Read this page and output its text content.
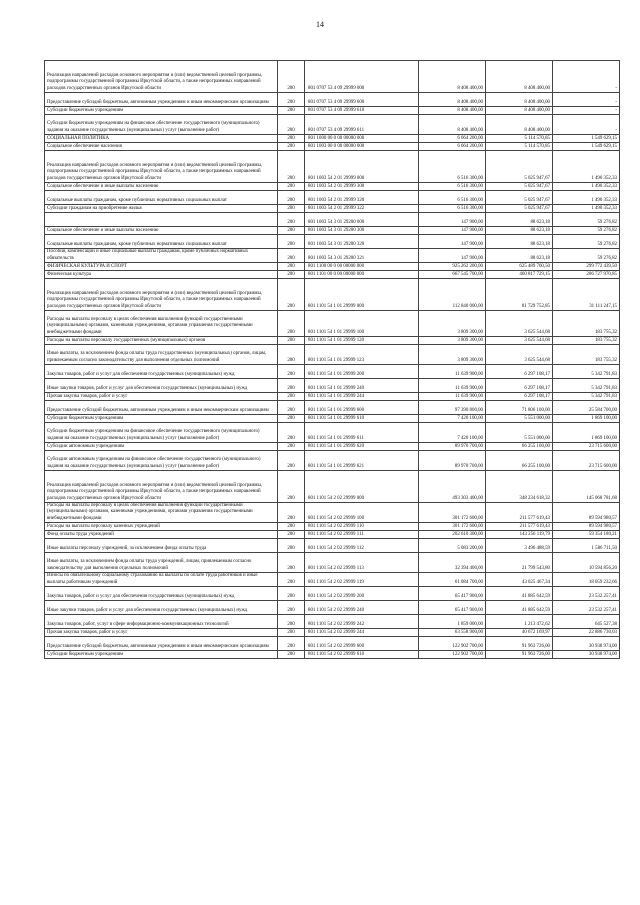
14
Реализация направлений расходов основного мероприятия и (или) ведомственной целевой программы, подпрограммы государственной программы Иркутской области, а также непрограммных направлений расходов государственных органов Иркутской области	200	801 0707 53 4 09 29999 000	8 408 400,00	8 408 400,00	-
Предоставление субсидий бюджетным, автономным учреждениям и иным некоммерческим организациям	200	801 0707 53 4 09 29999 600	8 408 400,00	8 408 400,00	-
Субсидии бюджетным учреждениям	200	801 0707 53 4 09 29999 610	8 408 400,00	8 408 400,00	-
Субсидии бюджетным учреждениям на финансовое обеспечение государственного (муниципального) задания на оказание государственных (муниципальных) услуг (выполнение работ)	200	801 0707 53 4 09 29999 611	8 408 400,00	8 408 400,00	-
СОЦИАЛЬНАЯ ПОЛИТИКА	200	801 1000 00 0 00 00000 000	6 664 200,00	5 114 570,85	1 549 629,15
Социальное обеспечение населения	200	801 1003 00 0 00 00000 000	6 664 200,00	5 114 570,85	1 549 629,15
Реализация направлений расходов основного мероприятия и (или) ведомственной целевой программы, подпрограммы государственной программы Иркутской области, а также непрограммных направлений расходов государственных органов Иркутской области	200	801 1003 54 2 01 29999 000	6 516 300,00	5 025 947,67	1 490 352,33
Социальное обеспечение и иные выплаты населению	200	801 1003 54 2 01 29999 300	6 516 300,00	5 025 947,67	1 490 352,33
Социальные выплаты гражданам, кроме публичных нормативных социальных выплат	200	801 1003 54 2 01 29999 320	6 516 300,00	5 025 947,67	1 490 352,33
Субсидии гражданам на приобретение жилья	200	801 1003 54 2 01 29999 322	6 516 300,00	5 025 947,67	1 490 352,33
	200	801 1003 54 3 01 29200 000	147 900,00	88 623,18	59 276,82
Социальное обеспечение и иные выплаты населению	200	801 1003 54 3 01 29200 300	147 900,00	88 623,18	59 276,82
Социальные выплаты гражданам, кроме публичных нормативных социальных выплат	200	801 1003 54 3 01 29200 320	147 900,00	88 623,18	59 276,82
Пособия, компенсации и иные социальные выплаты гражданам, кроме публичных нормативных обязательств	200	801 1003 54 3 01 29200 321	147 900,00	88 623,18	59 276,82
ФИЗИЧЕСКАЯ КУЛЬТУРА И СПОРТ	200	801 1100 00 0 00 00000 000	925 262 200,00	625 489 760,50	299 772 439,50
Физическая культура	200	801 1101 00 0 00 00000 000	667 545 700,00	460 817 729,15	206 727 970,85
Реализация направлений расходов основного мероприятия и (или) ведомственной целевой программы, подпрограммы государственной программы Иркутской области, а также непрограммных направлений расходов государственных органов Иркутской области	200	801 1101 54 1 01 29999 000	112 840 000,00	81 729 752,85	31 111 247,15
Расходы на выплаты персоналу в целях обеспечения выполнения функций государственными (муниципальными) органами, казенными учреждениями, органами управления государственными внебюджетными фондами	200	801 1101 54 1 01 29999 100	3 809 300,00	3 625 544,68	183 755,32
Расходы на выплаты персоналу государственных (муниципальных) органов	200	801 1101 54 1 01 29999 120	3 809 300,00	3 625 544,68	183 755,32
Иные выплаты, за исключением фонда оплаты труда государственных (муниципальных) органов, лицам, привлекаемым согласно законодательству для выполнения отдельных полномочий	200	801 1101 54 1 01 29999 123	3 809 300,00	3 625 544,68	183 755,32
Закупка товаров, работ и услуг для обеспечения государственных (муниципальных) нужд	200	801 1101 54 1 01 29999 200	11 639 900,00	6 297 108,17	5 342 791,83
Иные закупки товаров, работ и услуг для обеспечения государственных (муниципальных) нужд	200	801 1101 54 1 01 29999 240	11 639 900,00	6 297 108,17	5 342 791,83
Прочая закупка товаров, работ и услуг	200	801 1101 54 1 01 29999 244	11 639 900,00	6 297 108,17	5 342 791,83
Предоставление субсидий бюджетным, автономным учреждениям и иным некоммерческим организациям	200	801 1101 54 1 01 29999 600	97 390 800,00	71 806 100,00	25 584 700,00
Субсидии бюджетным учреждениям	200	801 1101 54 1 01 29999 610	7 420 100,00	5 551 000,00	1 869 100,00
Субсидии бюджетным учреждениям на финансовое обеспечение государственного (муниципального) задания на оказание государственных (муниципальных) услуг (выполнение работ)	200	801 1101 54 1 01 29999 611	7 420 100,00	5 551 000,00	1 869 100,00
Субсидии автономным учреждениям	200	801 1101 54 1 01 29999 620	89 970 700,00	66 255 100,00	23 715 600,00
Субсидии автономным учреждениям на финансовое обеспечение государственного (муниципального) задания на оказание государственных (муниципальных) услуг (выполнение работ)	200	801 1101 54 1 01 29999 621	89 970 700,00	66 255 100,00	23 715 600,00
Реализация направлений расходов основного мероприятия и (или) ведомственной целевой программы, подпрограммы государственной программы Иркутской области, а также непрограммных направлений расходов государственных органов Иркутской области	200	801 1101 54 2 02 29999 000	493 303 400,00	348 234 618,32	145 068 781,68
Расходы на выплаты персоналу в целях обеспечения выполнения функций государственными (муниципальными) органами, казенными учреждениями, органами управления государственными внебюджетными фондами	200	801 1101 54 2 02 29999 100	301 172 600,00	211 577 619,43	89 594 980,57
Расходы на выплаты персоналу казенных учреждений	200	801 1101 54 2 02 29999 110	301 172 600,00	211 577 619,43	89 594 980,57
Фонд оплаты труда учреждений	200	801 1101 54 2 02 29999 111	202 610 300,00	143 256 119,79	59 354 180,21
Иные выплаты персоналу учреждений, за исключением фонда оплаты труда	200	801 1101 54 2 02 29999 112	5 083 200,00	3 496 488,59	1 586 711,50
Иные выплаты, за исключением фонда оплаты труда учреждений, лицам, привлекаемым согласно законодательству для выполнения отдельных полномочий	200	801 1101 54 2 02 29999 113	32 394 400,00	21 799 543,80	10 594 856,20
Взносы по обязательному социальному страхованию на выплаты по оплате труда работников и иные выплаты работникам учреждений	200	801 1101 54 2 02 29999 119	61 084 700,00	43 025 467,34	18 059 232,66
Закупка товаров, работ и услуг для обеспечения государственных (муниципальных) нужд	200	801 1101 54 2 02 29999 200	65 417 900,00	41 885 642,59	23 532 257,41
Иные закупки товаров, работ и услуг для обеспечения государственных (муниципальных) нужд	200	801 1101 54 2 02 29999 240	65 417 900,00	41 885 642,59	23 532 257,41
Закупка товаров, работ, услуг в сфере информационно-коммуникационных технологий	200	801 1101 54 2 02 29999 242	1 859 000,00	1 213 472,62	645 527,38
Прочая закупка товаров, работ и услуг	200	801 1101 54 2 02 29999 244	63 558 900,00	40 672 169,97	22 886 730,03
Предоставление субсидий бюджетным, автономным учреждениям и иным некоммерческим организациям	200	801 1101 54 2 02 29999 600	122 902 700,00	91 963 726,00	30 938 974,00
Субсидии бюджетным учреждениям	200	801 1101 54 2 02 29999 610	122 902 700,00	91 963 726,00	30 938 974,00
